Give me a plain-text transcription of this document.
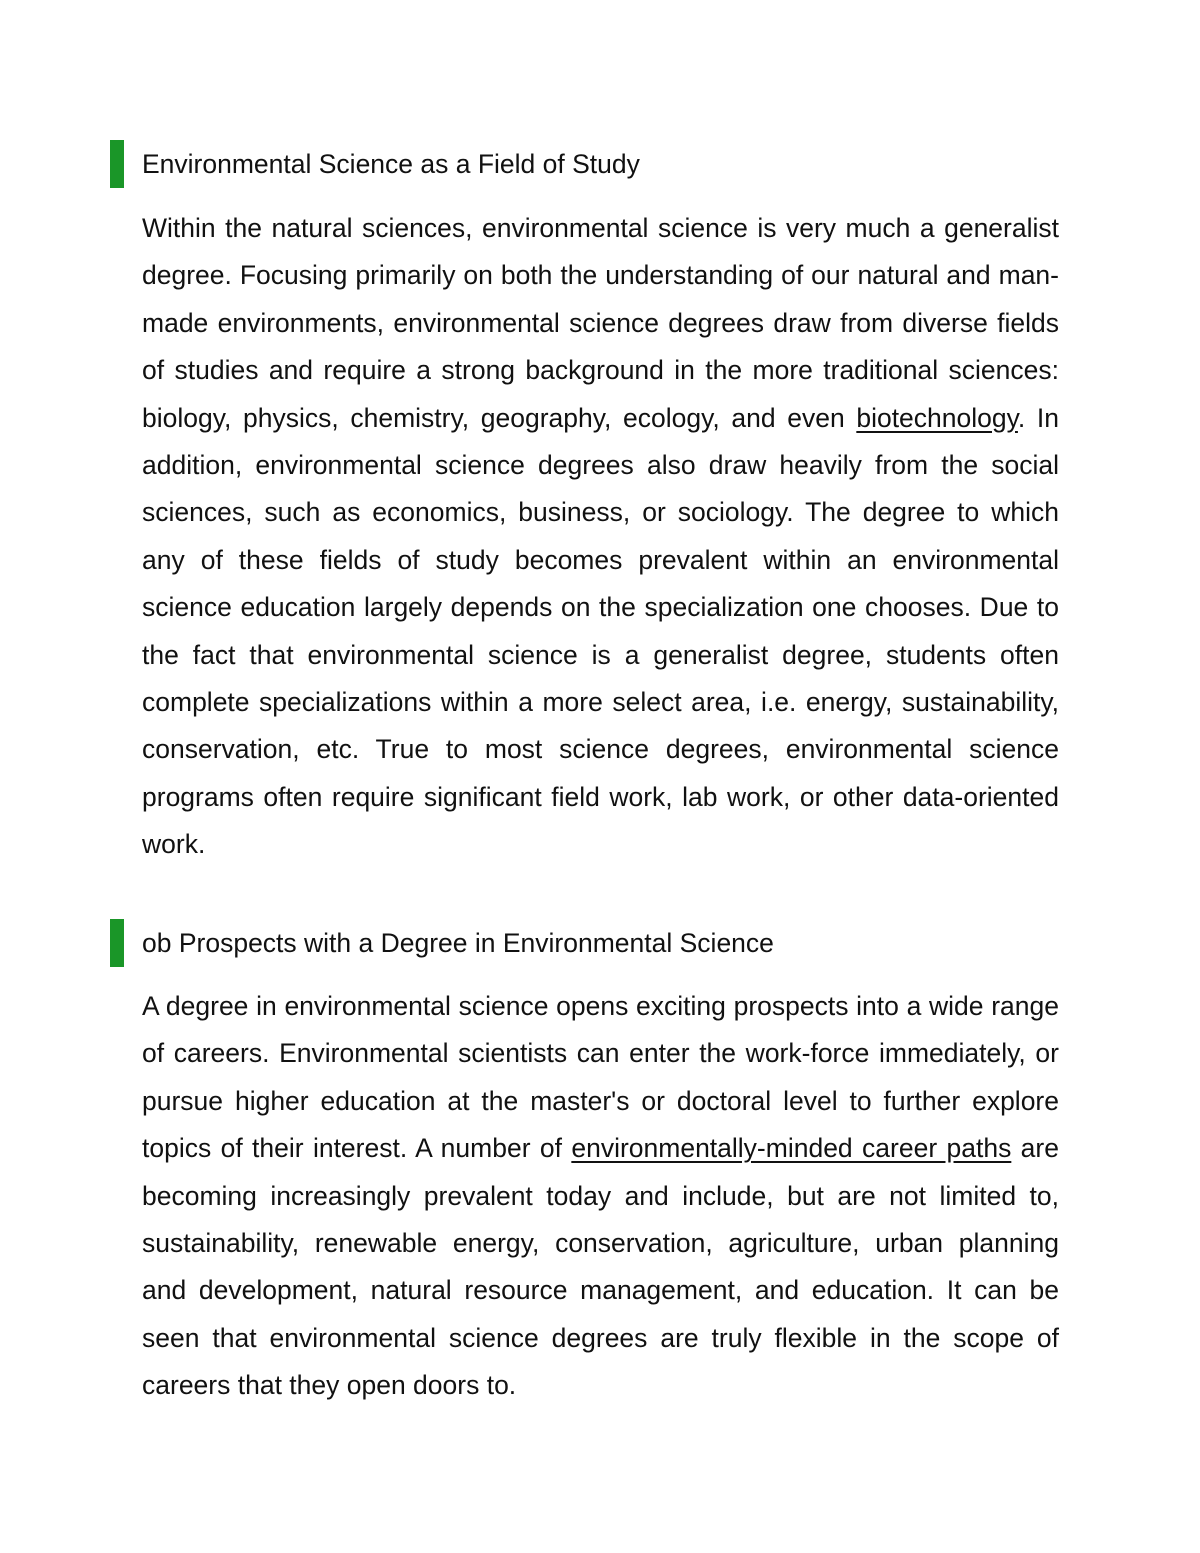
Environmental Science as a Field of Study

Within the natural sciences, environmental science is very much a generalist degree. Focusing primarily on both the understanding of our natural and man-made environments, environmental science degrees draw from diverse fields of studies and require a strong background in the more traditional sciences: biology, physics, chemistry, geography, ecology, and even biotechnology. In addition, environmental science degrees also draw heavily from the social sciences, such as economics, business, or sociology. The degree to which any of these fields of study becomes prevalent within an environmental science education largely depends on the specialization one chooses. Due to the fact that environmental science is a generalist degree, students often complete specializations within a more select area, i.e. energy, sustainability, conservation, etc. True to most science degrees, environmental science programs often require significant field work, lab work, or other data-oriented work.

ob Prospects with a Degree in Environmental Science

A degree in environmental science opens exciting prospects into a wide range of careers. Environmental scientists can enter the work-force immediately, or pursue higher education at the master's or doctoral level to further explore topics of their interest. A number of environmentally-minded career paths are becoming increasingly prevalent today and include, but are not limited to, sustainability, renewable energy, conservation, agriculture, urban planning and development, natural resource management, and education. It can be seen that environmental science degrees are truly flexible in the scope of careers that they open doors to.
